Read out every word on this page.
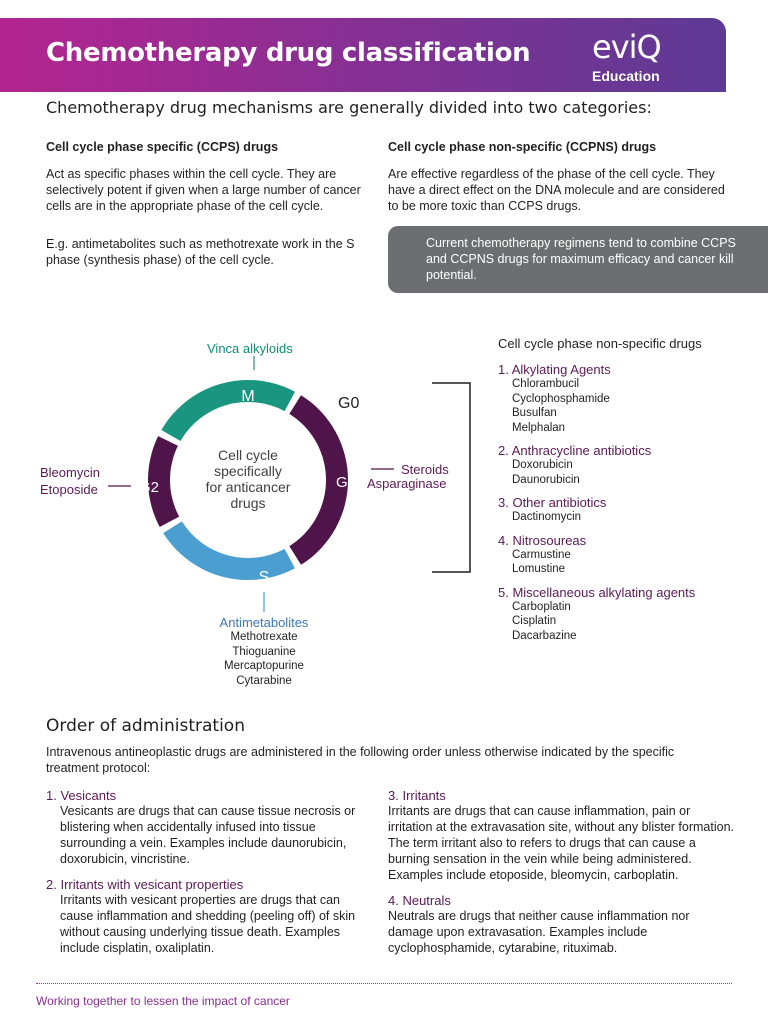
Chemotherapy drug classification eviQ
Education
Chemotherapy drug mechanisms are generally divided into two categories:
Cell cycle phase specific (CCPS) drugs
Act as specific phases within the cell cycle. They are selectively potent if given when a large number of cancer cells are in the appropriate phase of the cell cycle.
E.g. antimetabolites such as methotrexate work in the S phase (synthesis phase) of the cell cycle.
Cell cycle phase non-specific (CCPNS) drugs
Are effective regardless of the phase of the cell cycle. They have a direct effect on the DNA molecule and are considered to be more toxic than CCPS drugs.
Current chemotherapy regimens tend to combine CCPS and CCPNS drugs for maximum efficacy and cancer kill potential.
M	G0
G1
S
G2
Cell cycle
specifically
for anticancer
drugs
Vinca alkyloids
Bleomycin
Etoposide
Steroids
Asparaginase
Antimetabolites
Methotrexate
Thioguanine
Mercaptopurine
Cytarabine
Cell cycle phase non-specific drugs
1. Alkylating Agents
Chlorambucil
Cyclophosphamide
Busulfan
Melphalan
2. Anthracycline antibiotics
Doxorubicin
Daunorubicin
3. Other antibiotics
Dactinomycin
4. Nitrosoureas
Carmustine
Lomustine
5. Miscellaneous alkylating agents
Carboplatin
Cisplatin
Dacarbazine
Order of administration
Intravenous antineoplastic drugs are administered in the following order unless otherwise indicated by the specific treatment protocol:
1. Vesicants
Vesicants are drugs that can cause tissue necrosis or blistering when accidentally infused into tissue surrounding a vein. Examples include daunorubicin, doxorubicin, vincristine.
2. Irritants with vesicant properties
Irritants with vesicant properties are drugs that can cause inflammation and shedding (peeling off) of skin without causing underlying tissue death. Examples include cisplatin, oxaliplatin.
3. Irritants
Irritants are drugs that can cause inflammation, pain or irritation at the extravasation site, without any blister formation. The term irritant also to refers to drugs that can cause a burning sensation in the vein while being administered. Examples include etoposide, bleomycin, carboplatin.
4. Neutrals
Neutrals are drugs that neither cause inflammation nor damage upon extravasation. Examples include cyclophosphamide, cytarabine, rituximab.
Working together to lessen the impact of cancer
